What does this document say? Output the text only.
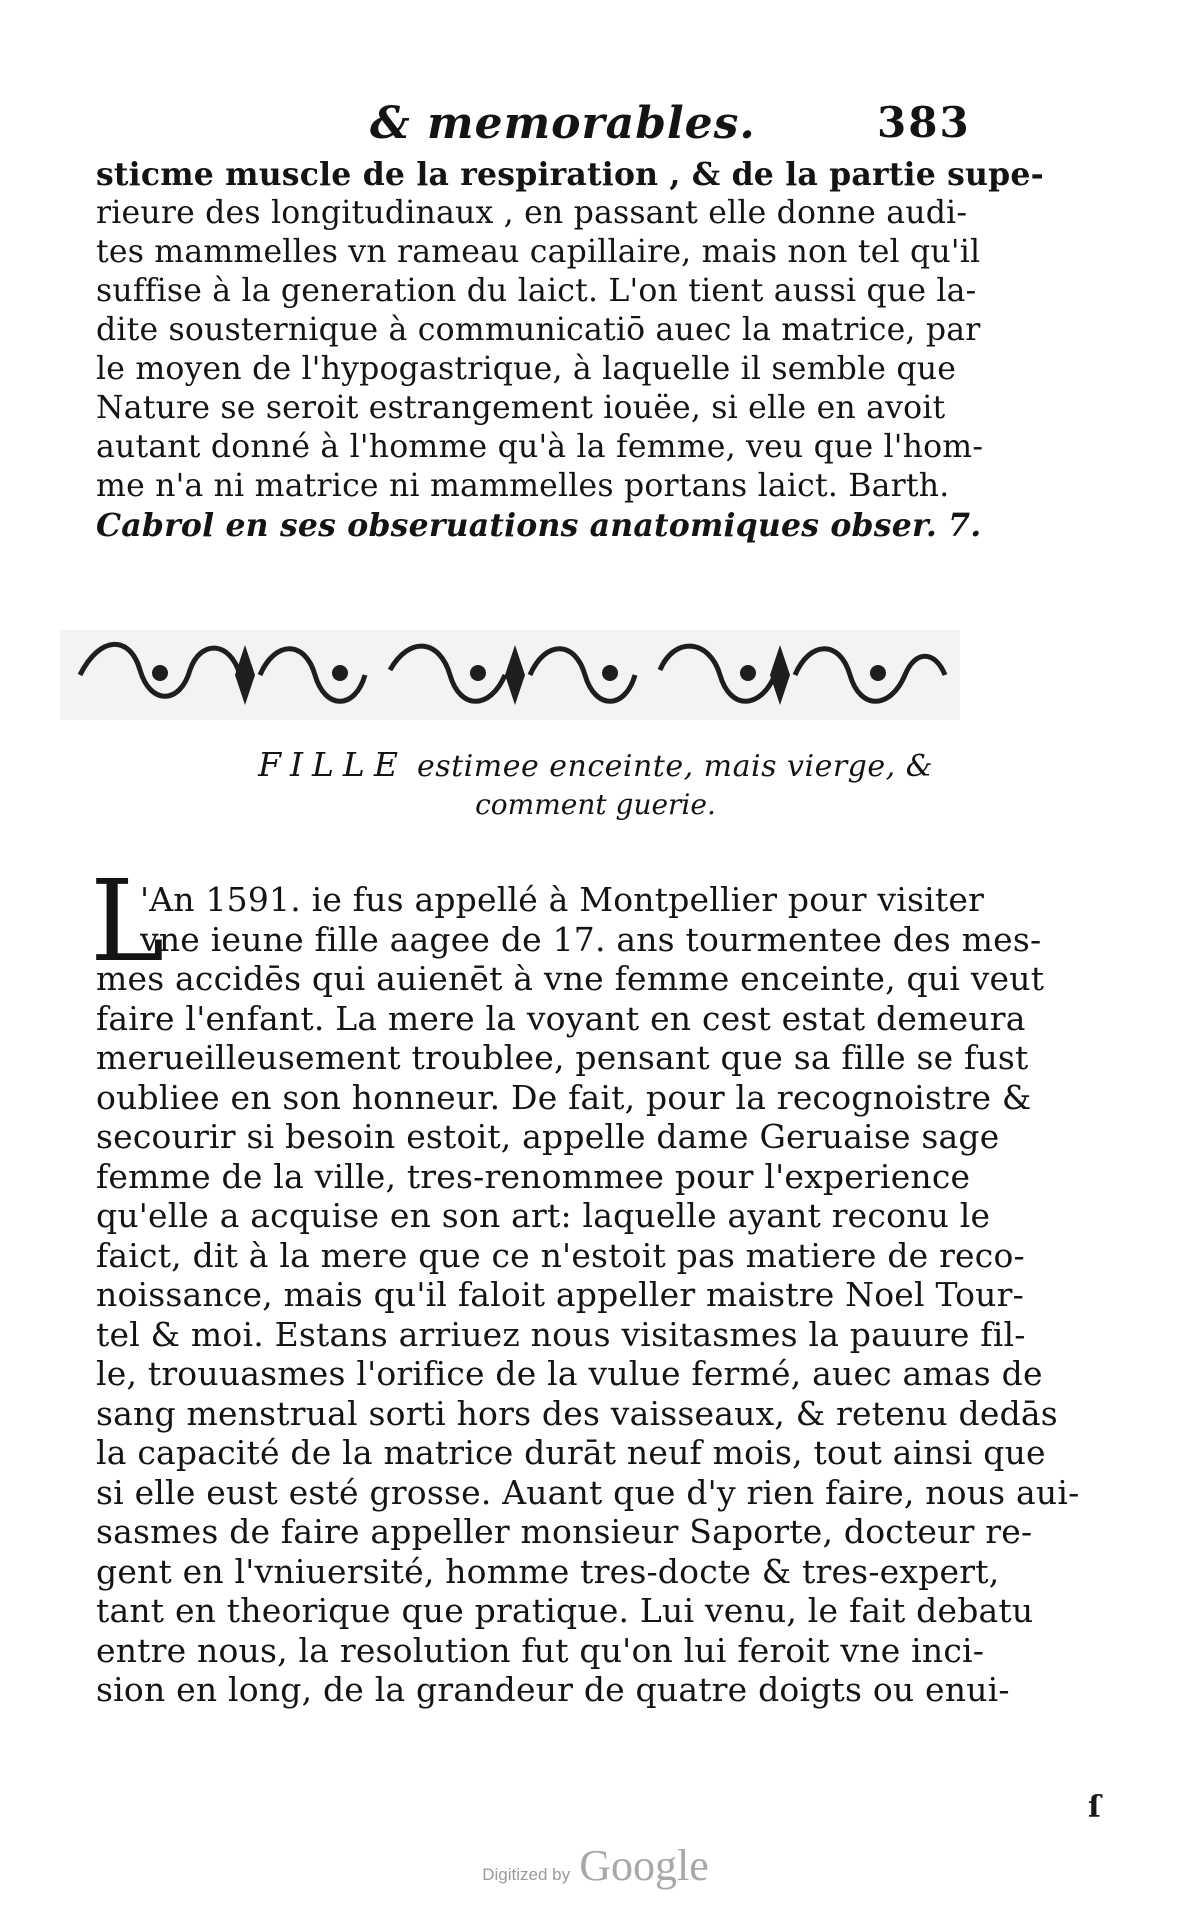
& memorables.	383
sticme muscle de la respiration , & de la partie supe-
rieure des longitudinaux , en passant elle donne audi-
tes mammelles vn rameau capillaire, mais non tel qu'il
suffise à la generation du laict. L'on tient aussi que la-
dite sousternique à communicatiō auec la matrice, par
le moyen de l'hypogastrique, à laquelle il semble que
Nature se seroit estrangement iouëe, si elle en avoit
autant donné à l'homme qu'à la femme, veu que l'hom-
me n'a ni matrice ni mammelles portans laict. Barth.
Cabrol en ses obseruations anatomiques obser. 7.
FILLE estimee enceinte, mais vierge, &
comment guerie.
L
'An 1591. ie fus appellé à Montpellier pour visiter
vne ieune fille aagee de 17. ans tourmentee des mes-
mes accidēs qui auienēt à vne femme enceinte, qui veut
faire l'enfant. La mere la voyant en cest estat demeura
merueilleusement troublee, pensant que sa fille se fust
oubliee en son honneur. De fait, pour la recognoistre &
secourir si besoin estoit, appelle dame Geruaise sage
femme de la ville, tres-renommee pour l'experience
qu'elle a acquise en son art: laquelle ayant reconu le
faict, dit à la mere que ce n'estoit pas matiere de reco-
noissance, mais qu'il faloit appeller maistre Noel Tour-
tel & moi. Estans arriuez nous visitasmes la pauure fil-
le, trouuasmes l'orifice de la vulue fermé, auec amas de
sang menstrual sorti hors des vaisseaux, & retenu dedās
la capacité de la matrice durāt neuf mois, tout ainsi que
si elle eust esté grosse. Auant que d'y rien faire, nous aui-
sasmes de faire appeller monsieur Saporte, docteur re-
gent en l'vniuersité, homme tres-docte & tres-expert,
tant en theorique que pratique. Lui venu, le fait debatu
entre nous, la resolution fut qu'on lui feroit vne inci-
sion en long, de la grandeur de quatre doigts ou enui-
ſ
Digitized by Google
